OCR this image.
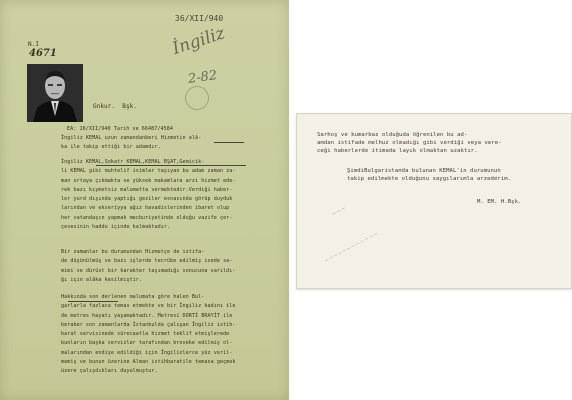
36/XII/940
N.I
4671
Gnkur.  Bşk.
İngiliz
2-82
EA: 16/XII/940 Tarih ve 66487/4584
İngiliz KEMAL uzun zamandanberi Hizmetin alâ-
ka ile takip ettiği bir adamdır.
İngiliz KEMAL,Sokatr KEMAL,KEMAL BŞAT,Gemicik-
li KEMAL gibi muhtelif isimler taşıyan bu adam zaman za-
man ortaya çıkmakta ve yüksek makamlara arzi hizmet ede-
rek bazı kıymetsiz malumatta vermektedir.Verdiği haber-
ler yurd dışında yaptığı geziler esnasında görüp duyduk
larından ve ekseriyya ağız havadislerinden ibaret olup
her vatandaşın yapmak mecburiyetinde olduğu vazife çer-
çevesinin haddu içinde kalmaktadır.
Bir zamanlar bu durumundan Hizmetçe de istifa-
de düşünülmüş ve bazı işlerde tecrübe edilmiş isede sa-
mimi ve dürüst bir karakter taşımadığı sonucuna varıldı-
ğı için alâka kesilmiştir.
Hakkında son derlenen malumata göre halen Bul-
garlarla fazlaca temas etmekte ve bir İngiliz kadını ile
de metres hayatı yaşamaktadır. Metresi DORTİ BRAYİT ile
beraber son zamanlarda İstanbulda çalışan İngiliz istih-
barat servisinede sürecaatla hizmet teklif etmişlerede
bunların başka servisler tarafından broveke edilmiş ol-
malarından endişe edildiği için İngilizlerce yüz veril-
memiş ve bunun üzerine Alman istihbaratile temasa geçmek
üzere çalışdıkları duyulmuştur.
Sarhoş ve kumarbaz olduğuda öğrenilen bu ad-
amdan istifade melhuz olmadığı gibi verdiği veya vere-
ceği haberlerde itimada layık olmaktan uzaktır.
ŞimdiBulgaristanda bulunan KEMAL'in durumunun
takip edilmekte olduğunu saygılarımla arzederim.
M. EM. H.Bşk.
~~~
~~~~~~~~~~~~
